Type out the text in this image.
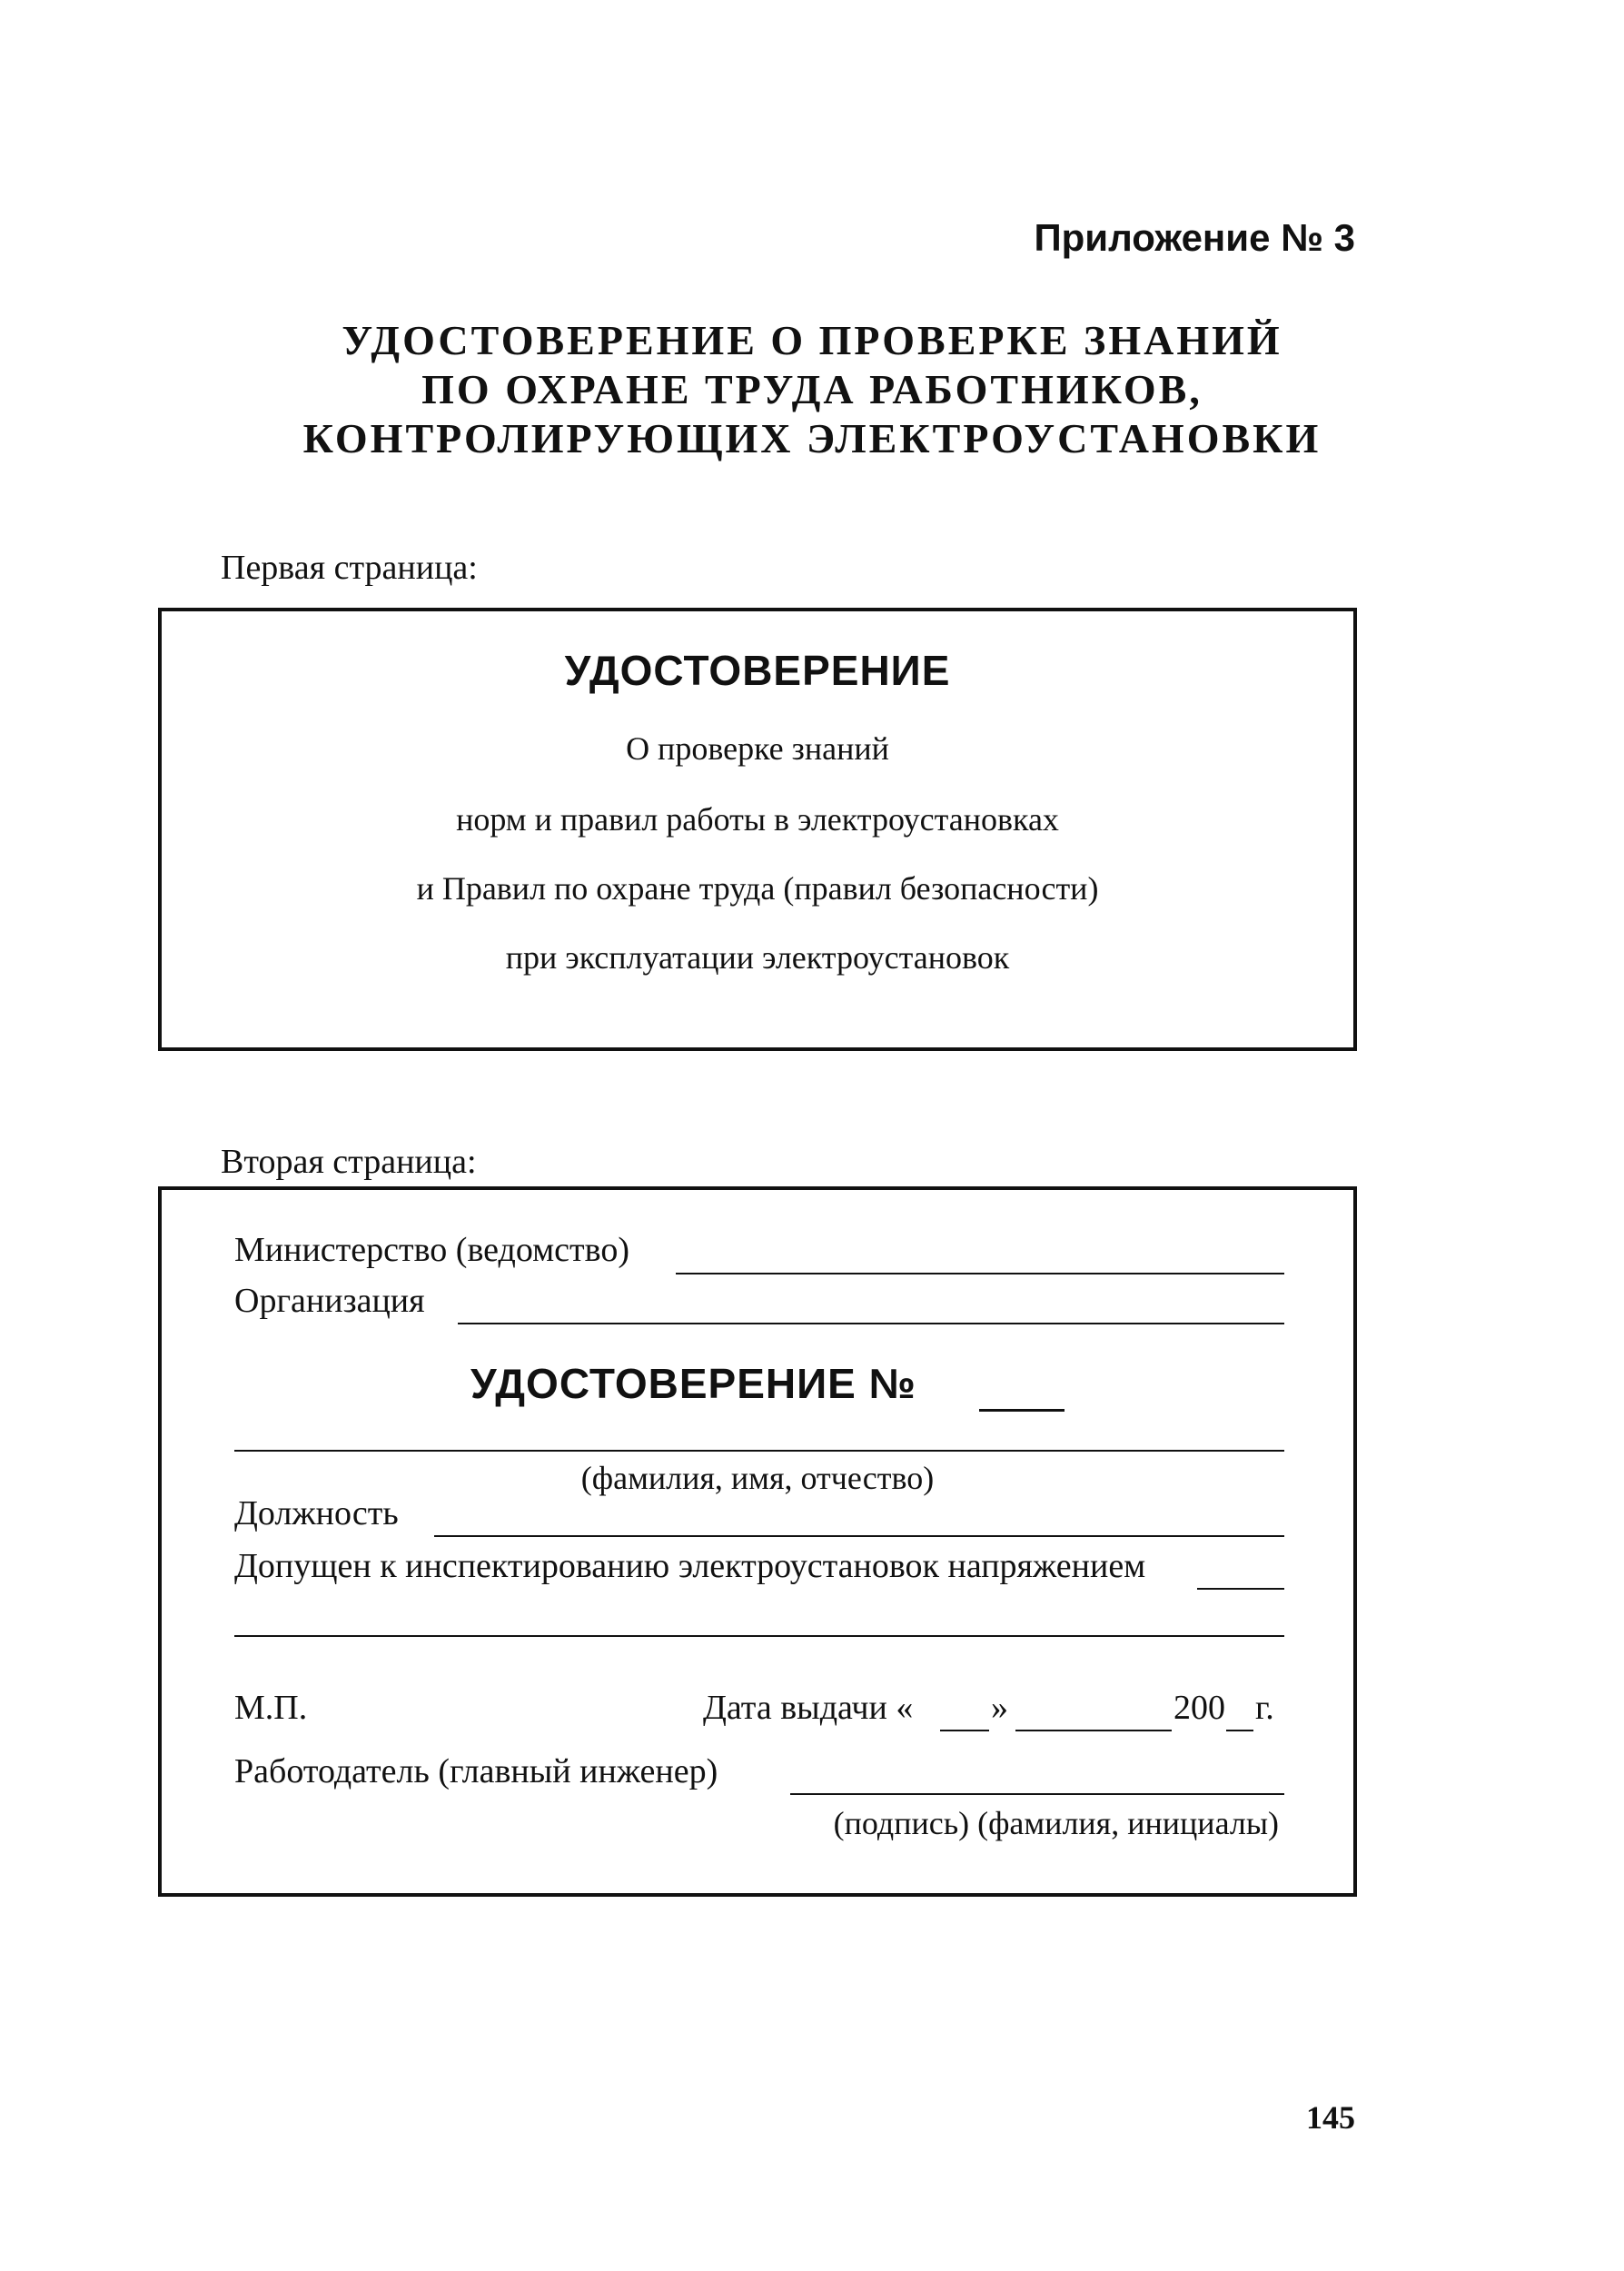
Приложение № 3
УДОСТОВЕРЕНИЕ О ПРОВЕРКЕ ЗНАНИЙ
ПО ОХРАНЕ ТРУДА РАБОТНИКОВ,
КОНТРОЛИРУЮЩИХ ЭЛЕКТРОУСТАНОВКИ
Первая страница:
УДОСТОВЕРЕНИЕ
О проверке знаний
норм и правил работы в электроустановках
и Правил по охране труда (правил безопасности)
при эксплуатации электроустановок
Вторая страница:
Министерство (ведомство)
Организация
УДОСТОВЕРЕНИЕ №
(фамилия, имя, отчество)
Должность
Допущен к инспектированию электроустановок напряжением
М.П.	Дата выдачи « »	200 г.
Работодатель (главный инженер)
(подпись) (фамилия, инициалы)
145
